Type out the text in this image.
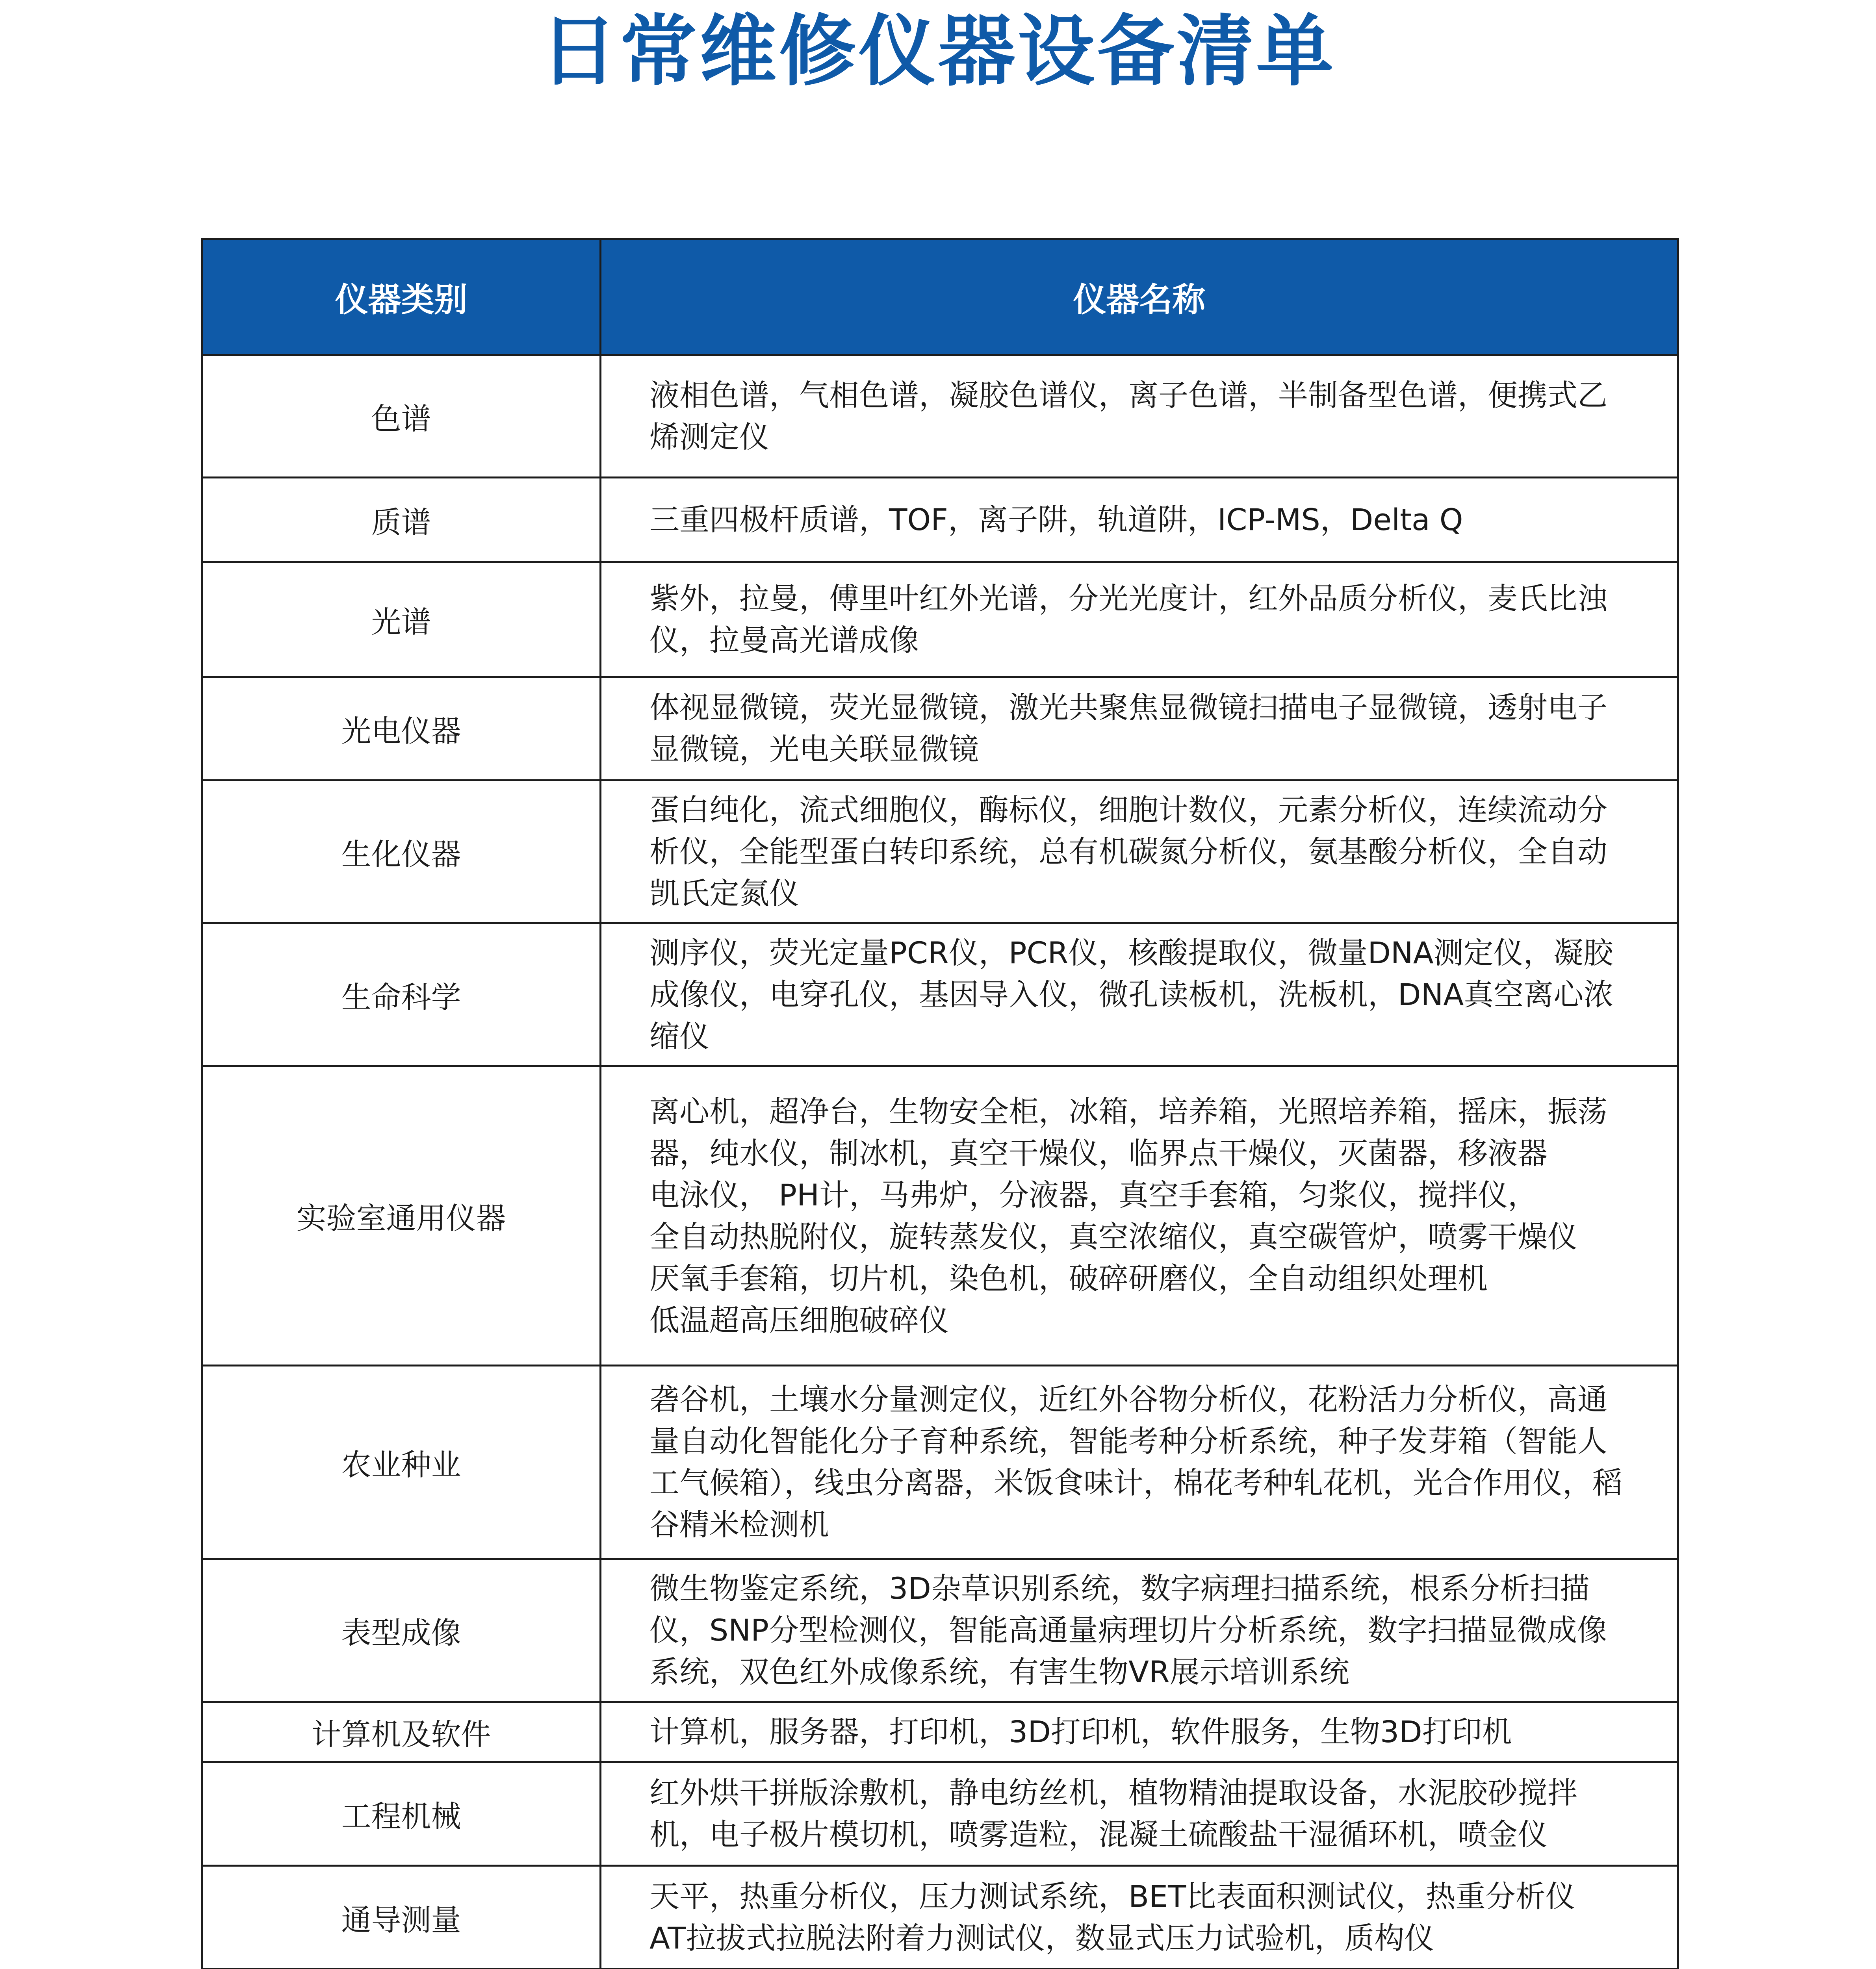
日常维修仪器设备清单
仪器类别	仪器名称
色谱	液相色谱，气相色谱，凝胶色谱仪，离子色谱，半制备型色谱，便携式乙烯测定仪
质谱	三重四极杆质谱，TOF，离子阱，轨道阱，ICP-MS，Delta Q
光谱	紫外，拉曼，傅里叶红外光谱，分光光度计，红外品质分析仪，麦氏比浊仪，拉曼高光谱成像
光电仪器	体视显微镜，荧光显微镜，激光共聚焦显微镜扫描电子显微镜，透射电子显微镜，光电关联显微镜
生化仪器	蛋白纯化，流式细胞仪，酶标仪，细胞计数仪，元素分析仪，连续流动分析仪，全能型蛋白转印系统，总有机碳氮分析仪，氨基酸分析仪，全自动凯氏定氮仪
生命科学	测序仪，荧光定量PCR仪，PCR仪，核酸提取仪，微量DNA测定仪，凝胶成像仪，电穿孔仪，基因导入仪，微孔读板机，洗板机，DNA真空离心浓缩仪
实验室通用仪器	离心机，超净台，生物安全柜，冰箱，培养箱，光照培养箱，摇床，振荡器，纯水仪，制冰机，真空干燥仪，临界点干燥仪，灭菌器，移液器
电泳仪， PH计，马弗炉，分液器，真空手套箱，匀浆仪，搅拌仪，
全自动热脱附仪，旋转蒸发仪，真空浓缩仪，真空碳管炉，喷雾干燥仪
厌氧手套箱，切片机，染色机，破碎研磨仪，全自动组织处理机
低温超高压细胞破碎仪
农业种业	砻谷机，土壤水分量测定仪，近红外谷物分析仪，花粉活力分析仪，高通量自动化智能化分子育种系统，智能考种分析系统，种子发芽箱（智能人工气候箱），线虫分离器，米饭食味计，棉花考种轧花机，光合作用仪，稻谷精米检测机
表型成像	微生物鉴定系统，3D杂草识别系统，数字病理扫描系统，根系分析扫描仪，SNP分型检测仪，智能高通量病理切片分析系统，数字扫描显微成像系统，双色红外成像系统，有害生物VR展示培训系统
计算机及软件	计算机，服务器，打印机，3D打印机，软件服务，生物3D打印机
工程机械	红外烘干拼版涂敷机，静电纺丝机，植物精油提取设备，水泥胶砂搅拌机，电子极片模切机，喷雾造粒，混凝土硫酸盐干湿循环机，喷金仪
通导测量	天平，热重分析仪，压力测试系统，BET比表面积测试仪，热重分析仪
AT拉拔式拉脱法附着力测试仪，数显式压力试验机，质构仪
